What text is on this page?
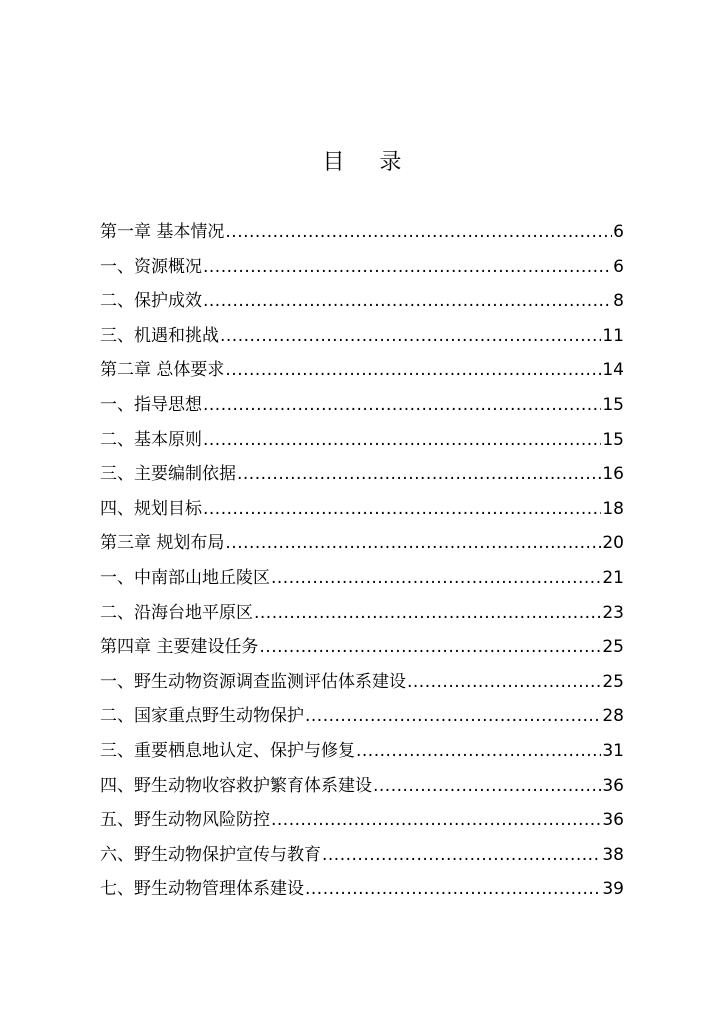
目 录
第一章 基本情况 .....	6
一、资源概况 .....	6
二、保护成效 .....	8
三、机遇和挑战 .....	11
第二章 总体要求 .....	14
一、指导思想 .....	15
二、基本原则 .....	15
三、主要编制依据 .....	16
四、规划目标 .....	18
第三章 规划布局 .....	20
一、中南部山地丘陵区 .....	21
二、沿海台地平原区 .....	23
第四章 主要建设任务 .....	25
一、野生动物资源调查监测评估体系建设 .....	25
二、国家重点野生动物保护 .....	28
三、重要栖息地认定、保护与修复 .....	31
四、野生动物收容救护繁育体系建设 .....	36
五、野生动物风险防控 .....	36
六、野生动物保护宣传与教育 .....	38
七、野生动物管理体系建设 .....	39
